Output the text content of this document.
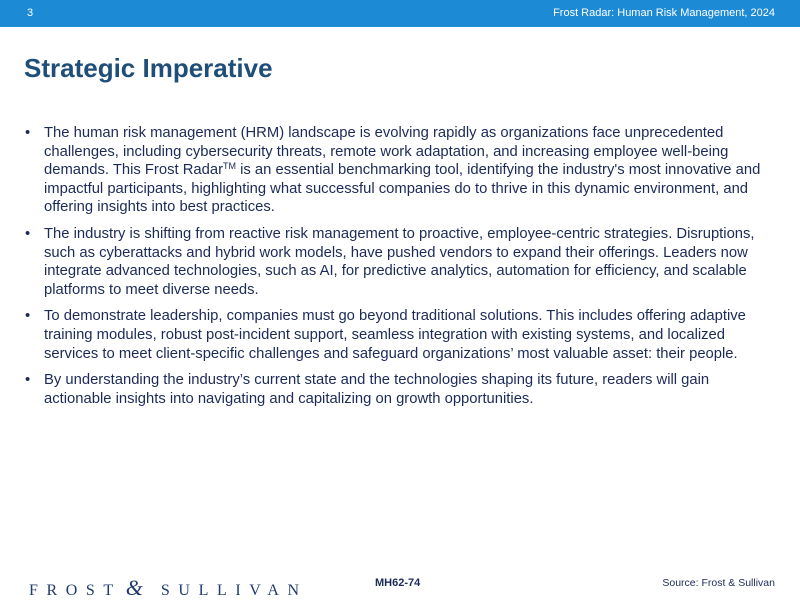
3	Frost Radar: Human Risk Management, 2024
Strategic Imperative
• The human risk management (HRM) landscape is evolving rapidly as organizations face unprecedented challenges, including cybersecurity threats, remote work adaptation, and increasing employee well-being demands. This Frost Radar™ is an essential benchmarking tool, identifying the industry's most innovative and impactful participants, highlighting what successful companies do to thrive in this dynamic environment, and offering insights into best practices.
• The industry is shifting from reactive risk management to proactive, employee-centric strategies. Disruptions, such as cyberattacks and hybrid work models, have pushed vendors to expand their offerings. Leaders now integrate advanced technologies, such as AI, for predictive analytics, automation for efficiency, and scalable platforms to meet diverse needs.
• To demonstrate leadership, companies must go beyond traditional solutions. This includes offering adaptive training modules, robust post-incident support, seamless integration with existing systems, and localized services to meet client-specific challenges and safeguard organizations’ most valuable asset: their people.
• By understanding the industry’s current state and the technologies shaping its future, readers will gain actionable insights into navigating and capitalizing on growth opportunities.
FROST & SULLIVAN	MH62-74	Source: Frost & Sullivan
